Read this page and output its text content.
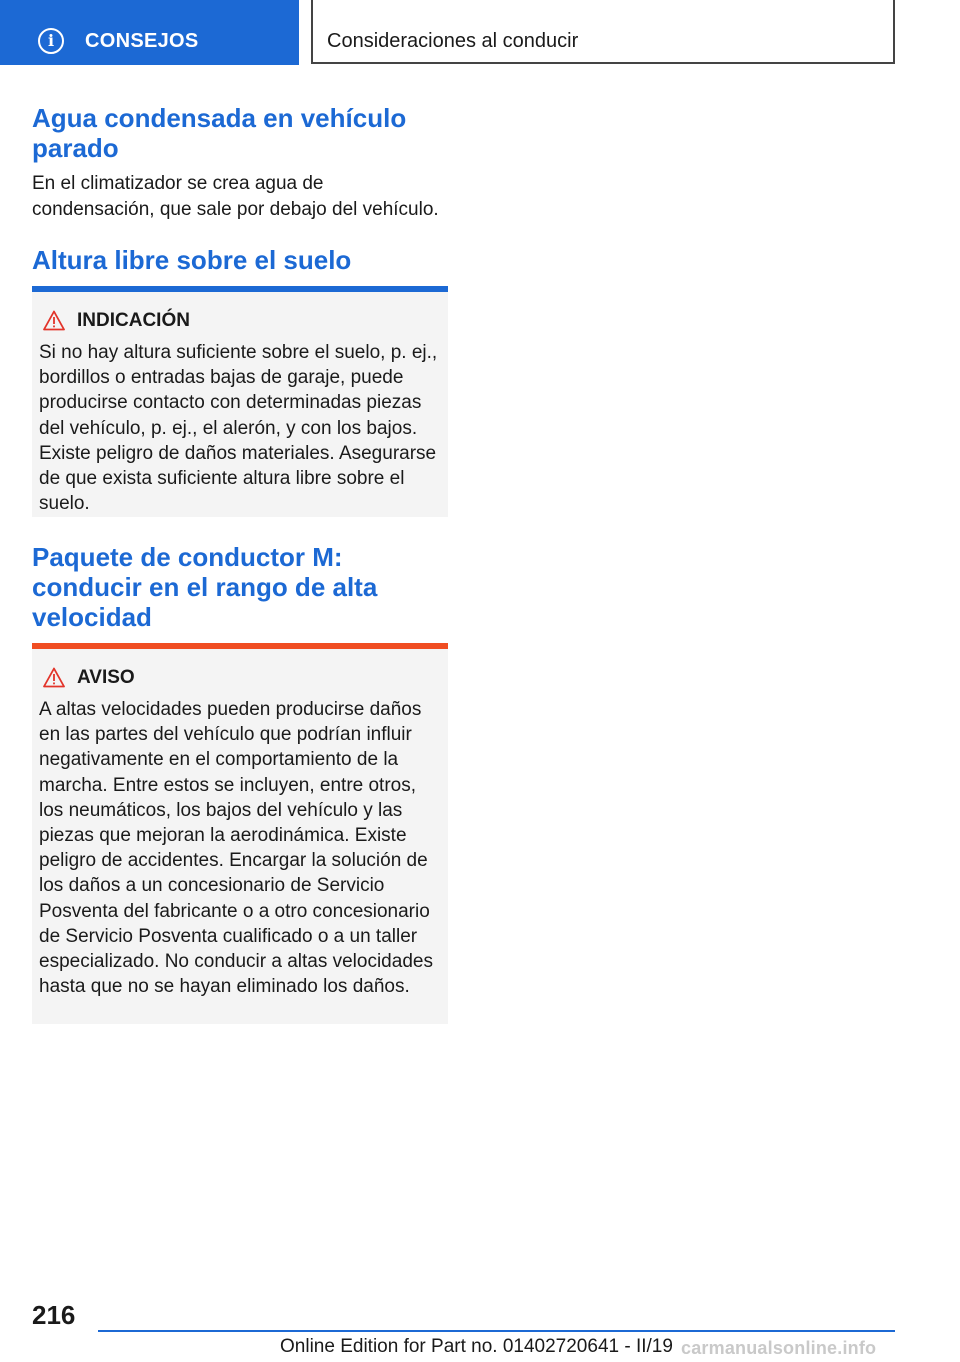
i	CONSEJOS	Consideraciones al conducir
Agua condensada en vehículo parado

En el climatizador se crea agua de condensación, que sale por debajo del vehículo.

Altura libre sobre el suelo
INDICACIÓN
Si no hay altura suficiente sobre el suelo, p. ej., bordillos o entradas bajas de garaje, puede producirse contacto con determinadas piezas del vehículo, p. ej., el alerón, y con los bajos. Existe peligro de daños materiales. Asegurarse de que exista suficiente altura libre sobre el suelo.
Paquete de conductor M: conducir en el rango de alta velocidad
AVISO
A altas velocidades pueden producirse daños en las partes del vehículo que podrían influir negativamente en el comportamiento de la marcha. Entre estos se incluyen, entre otros, los neumáticos, los bajos del vehículo y las piezas que mejoran la aerodinámica. Existe peligro de accidentes. Encargar la solución de los daños a un concesionario de Servicio Posventa del fabricante o a otro concesionario de Servicio Posventa cualificado o a un taller especializado. No conducir a altas velocidades hasta que no se hayan eliminado los daños.
216
Online Edition for Part no. 01402720641 - II/19 carmanualsonline.info
